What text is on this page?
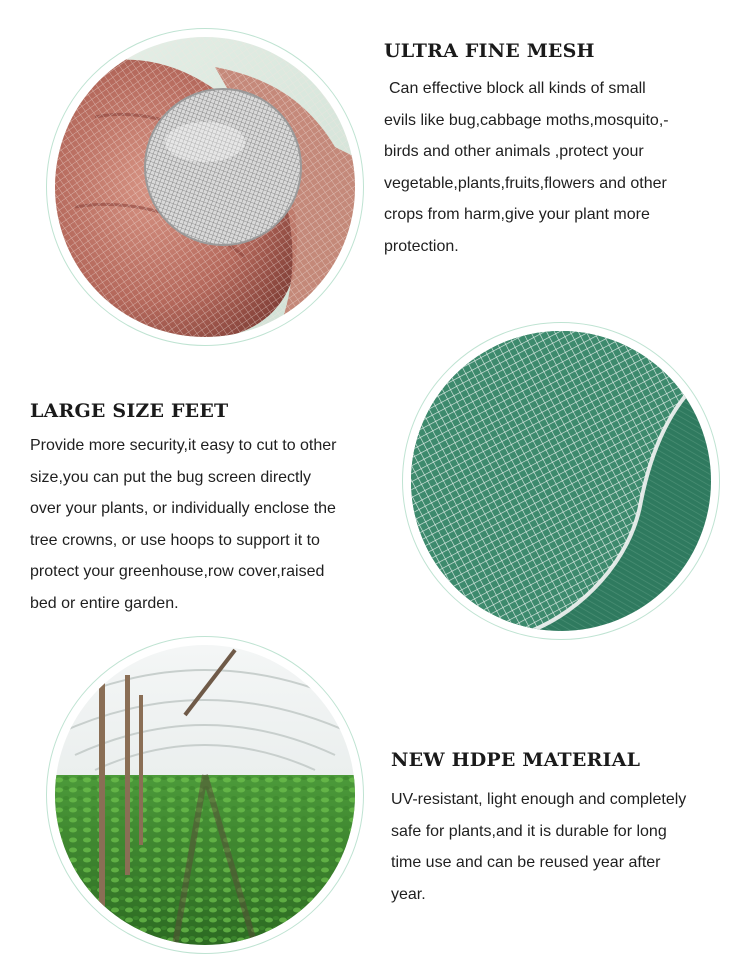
ULTRA FINE MESH
Can effective block all kinds of small
evils like bug,cabbage moths,mosquito,-
birds and other animals ,protect your
vegetable,plants,fruits,flowers and other
crops from harm,give your plant more
protection.
LARGE SIZE FEET
Provide more security,it easy to cut to other
size,you can put the bug screen directly
over your plants, or individually enclose the
tree crowns, or use hoops to support it to
protect your greenhouse,row cover,raised
bed or entire garden.
NEW HDPE MATERIAL
UV-resistant, light enough and completely
safe for plants,and it is durable for long
time use and can be reused year after
year.
